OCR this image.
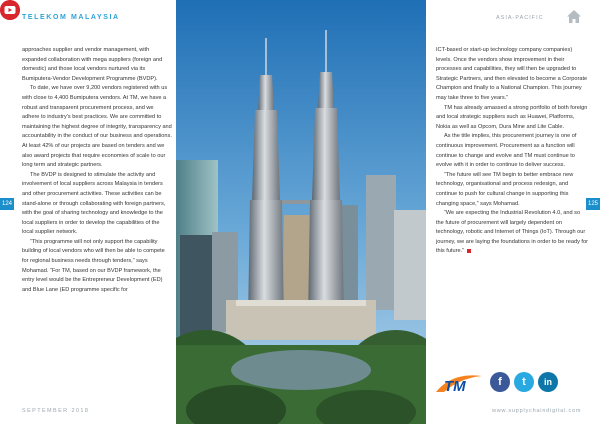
TELEKOM MALAYSIA	ASIA-PACIFIC

approaches supplier and vendor management, with expanded collaboration with mega suppliers (foreign and domestic) and those local vendors nurtured via its Bumiputera-Vendor Development Programme (BVDP).

To date, we have over 9,200 vendors registered with us with close to 4,400 Bumiputera vendors. At TM, we have a robust and transparent procurement process, and we adhere to industry’s best practices. We are committed to maintaining the highest degree of integrity, transparency and accountability in the conduct of our business and operations. At least 42% of our projects are based on tenders and we also award projects that require economies of scale to our long term and strategic partners.

The BVDP is designed to stimulate the activity and involvement of local suppliers across Malaysia in tenders and other procurement activities. These activities can be stand-alone or through collaborating with foreign partners, with the goal of sharing technology and knowledge to the local suppliers in order to develop the capabilities of the local supplier network.

“This programme will not only support the capability building of local vendors who will then be able to compete for regional business needs through tenders,” says Mohamad. “For TM, based on our BVDP framework, the entry level would be the Entrepreneur Development (ED) and Blue Lane (ED programme specific for

ICT-based or start-up technology company companies) levels. Once the vendors show improvement in their processes and capabilities, they will then be upgraded to Strategic Partners, and then elevated to become a Corporate Champion and finally to a National Champion. This journey may take three to five years.”

TM has already amassed a strong portfolio of both foreign and local strategic suppliers such as Huawei, Platforms, Nokia as well as Opcom, Dura Mine and Lite Cable.

As the title implies, this procurement journey is one of continuous improvement. Procurement as a function will continue to change and evolve and TM must continue to evolve with it in order to continue to deliver success.

“The future will see TM begin to better embrace new technology, organisational and process redesign, and continue to push for cultural change in supporting this changing space,” says Mohamad.

“We are expecting the Industrial Revolution 4.0, and so the future of procurement will largely dependent on technology, robotic and Internet of Things (IoT). Through our journey, we are laying the foundations in order to be ready for this future.”

124	125
TM	f	t	in
SEPTEMBER 2018	www.supplychaindigital.com
